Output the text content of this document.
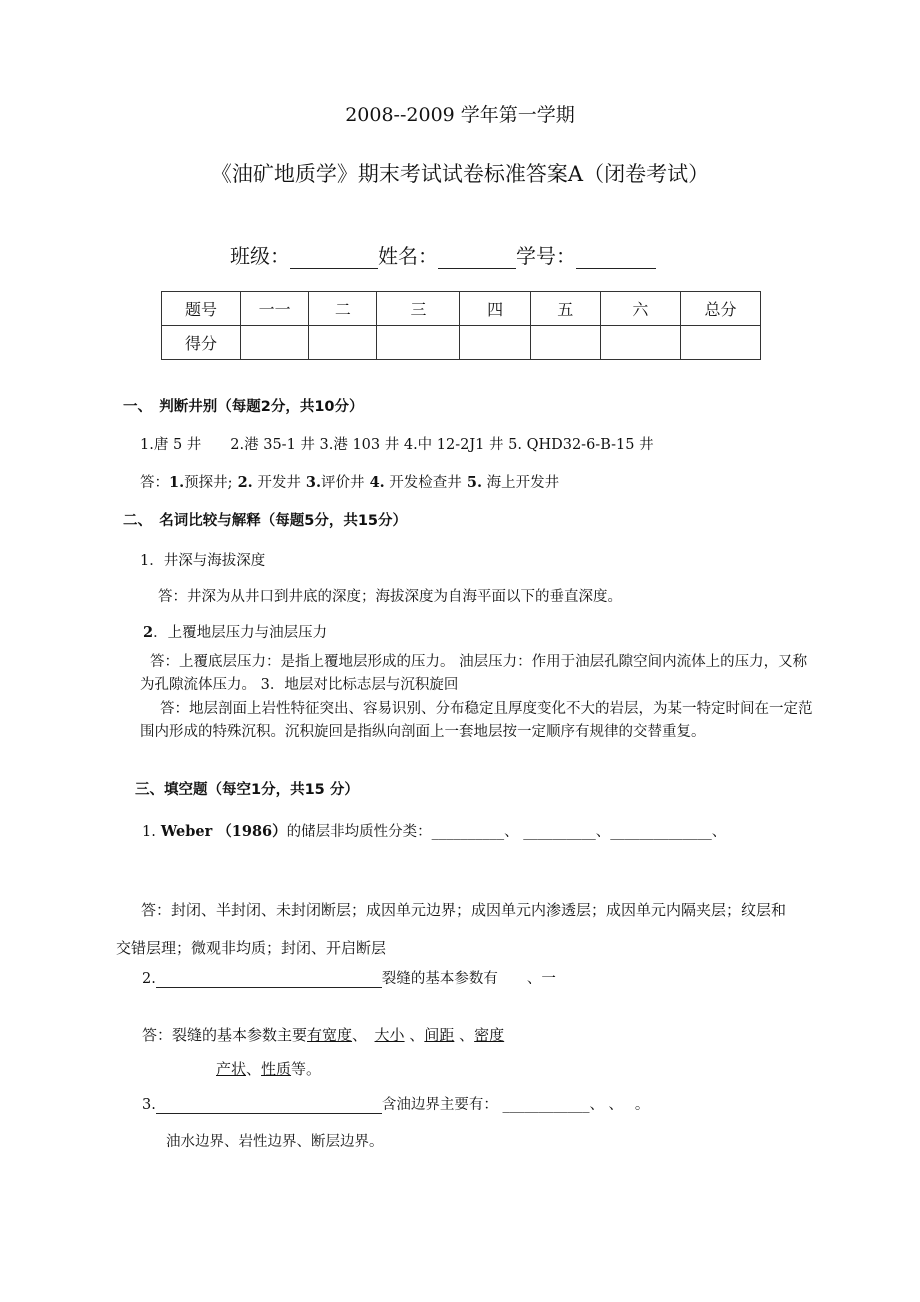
2008--2009 学年第一学期
《油矿地质学》期末考试试卷标准答案A（闭卷考试）
班级：	姓名：	学号：
题号	一一	二	三	四	五	六	总分
得分							
一、　判断井别（每题2分，共10分）
1.唐 5 井　　2.港 35-1 井 3.港 103 井 4.中 12-2J1 井 5. QHD32-6-B-15 井
答：1.预探井; 2. 开发井 3.评价井 4. 开发检查井 5. 海上开发井
二、　名词比较与解释（每题5分，共15分）
1．井深与海拔深度
答：井深为从井口到井底的深度；海拔深度为自海平面以下的垂直深度。
2．上覆地层压力与油层压力
答：上覆底层压力：是指上覆地层形成的压力。 油层压力：作用于油层孔隙空间内流体上的压力，又称为孔隙流体压力。 3．地层对比标志层与沉积旋回
答：地层剖面上岩性特征突出、容易识别、分布稳定且厚度变化不大的岩层，为某一特定时间在一定范围内形成的特殊沉积。沉积旋回是指纵向剖面上一套地层按一定顺序有规律的交替重复。
三、填空题（每空1分，共15 分）
1. Weber （1986）的储层非均质性分类：__________、 __________、______________、
答：封闭、半封闭、未封闭断层；成因单元边界；成因单元内渗透层；成因单元内隔夹层；纹层和交错层理；微观非均质；封闭、开启断层
2.	裂缝的基本参数有　　、一
答：裂缝的基本参数主要有宽度、　大小 、间距 、密度
产状、性质等。
3.	含油边界主要有： ____________、 、　 。
油水边界、岩性边界、断层边界。
